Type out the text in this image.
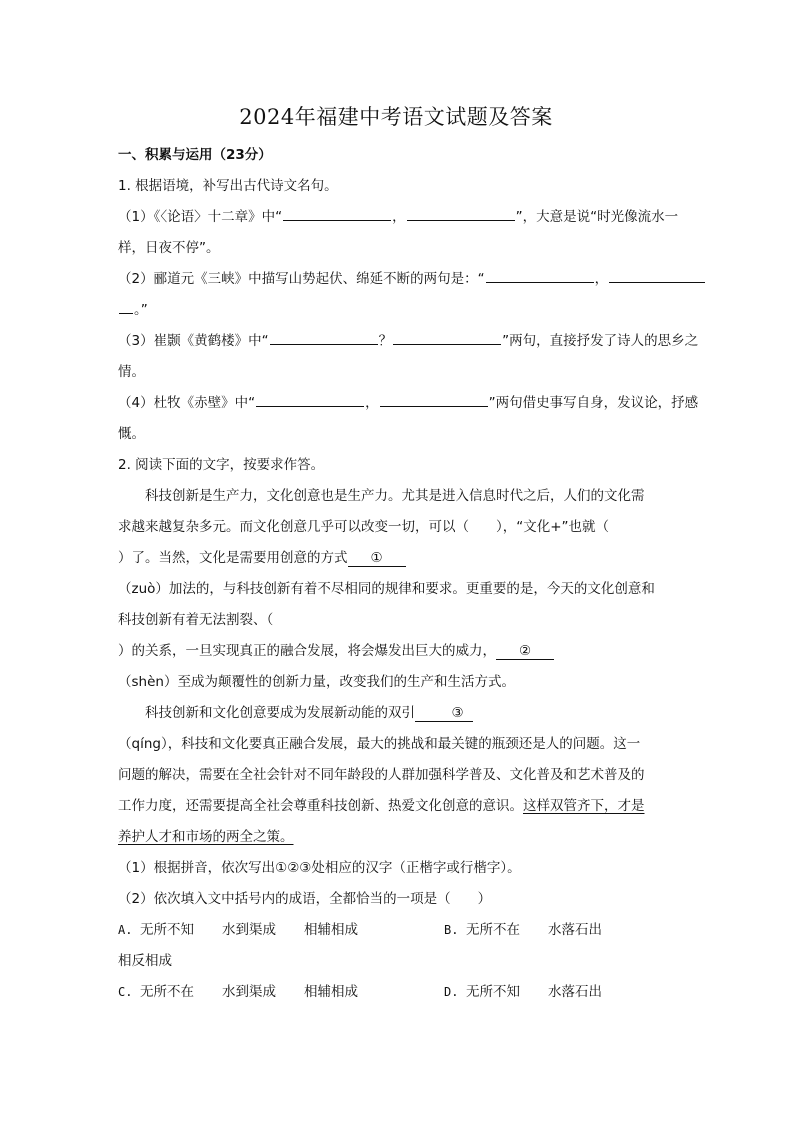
2024年福建中考语文试题及答案

一、积累与运用（23分）

1. 根据语境，补写出古代诗文名句。

（1）《〈论语〉十二章》中“	，	”，大意是说“时光像流水一

样，日夜不停”。

（2）郦道元《三峡》中描写山势起伏、绵延不断的两句是：“	，

。”

（3）崔颢《黄鹤楼》中“	？	”两句，直接抒发了诗人的思乡之

情。

（4）杜牧《赤壁》中“	，	”两句借史事写自身，发议论，抒感

慨。

2. 阅读下面的文字，按要求作答。

科技创新是生产力，文化创意也是生产力。尤其是进入信息时代之后，人们的文化需

求越来越复杂多元。而文化创意几乎可以改变一切，可以（　　），“文化+”也就（

）了。当然，文化是需要用创意的方式 ①

（zuò）加法的，与科技创新有着不尽相同的规律和要求。更重要的是，今天的文化创意和

科技创新有着无法割裂、（

）的关系，一旦实现真正的融合发展，将会爆发出巨大的威力， ②

（shèn）至成为颠覆性的创新力量，改变我们的生产和生活方式。

科技创新和文化创意要成为发展新动能的双引	③

（qíng），科技和文化要真正融合发展，最大的挑战和最关键的瓶颈还是人的问题。这一

问题的解决，需要在全社会针对不同年龄段的人群加强科学普及、文化普及和艺术普及的

工作力度，还需要提高全社会尊重科技创新、热爱文化创意的意识。这样双管齐下，才是

养护人才和市场的两全之策。

（1）根据拼音，依次写出①②③处相应的汉字（正楷字或行楷字）。

（2）依次填入文中括号内的成语，全都恰当的一项是（　　）

A. 无所不知 水到渠成 相辅相成	B. 无所不在 水落石出
相反相成
C. 无所不在 水到渠成 相辅相成	D. 无所不知 水落石出
